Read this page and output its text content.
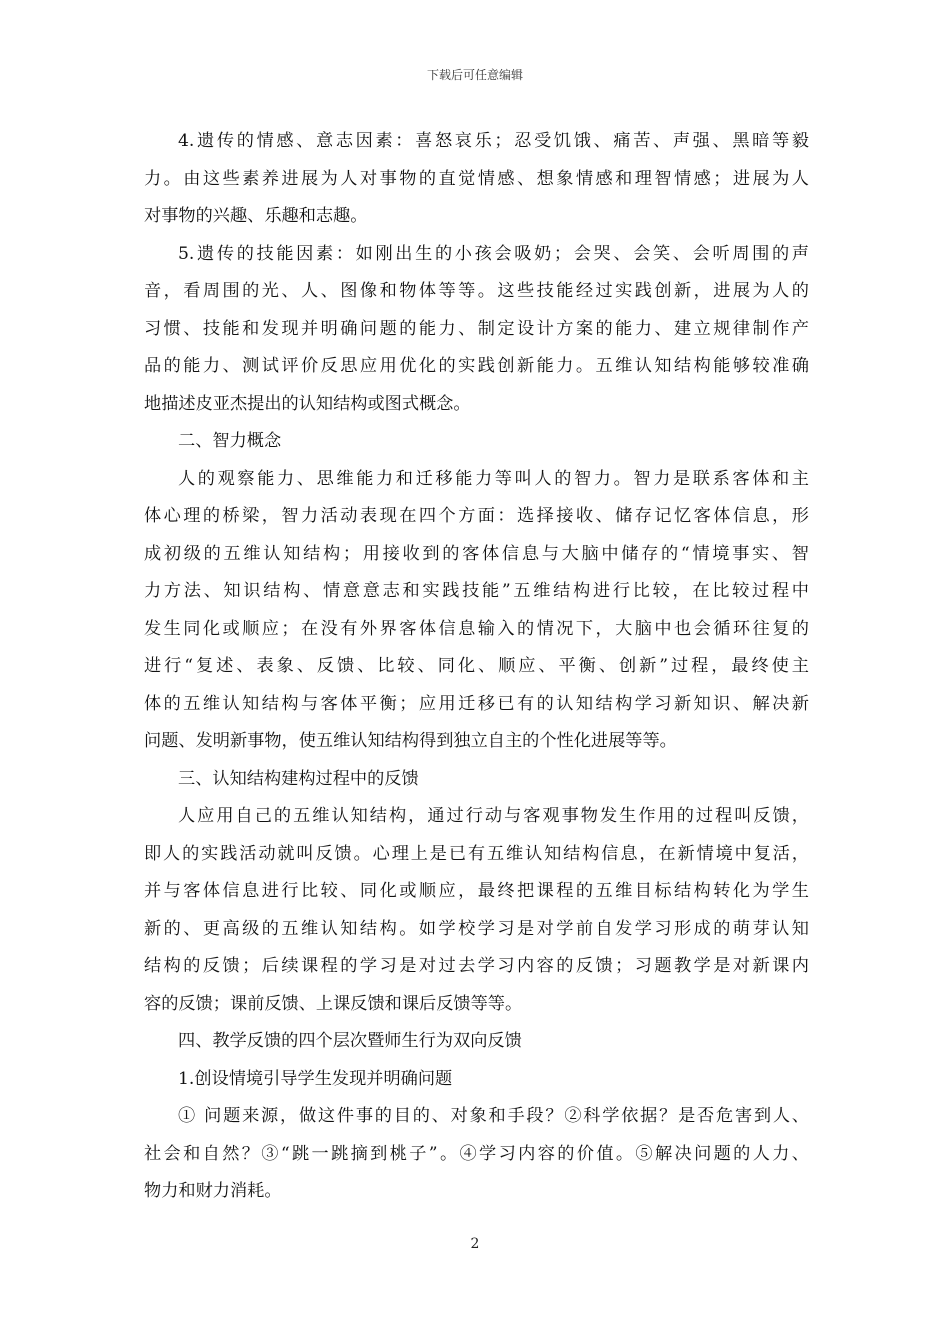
下载后可任意编辑
4.遗传的情感、意志因素：喜怒哀乐；忍受饥饿、痛苦、声强、黑暗等毅
力。由这些素养进展为人对事物的直觉情感、想象情感和理智情感；进展为人
对事物的兴趣、乐趣和志趣。
5.遗传的技能因素：如刚出生的小孩会吸奶；会哭、会笑、会听周围的声
音，看周围的光、人、图像和物体等等。这些技能经过实践创新，进展为人的
习惯、技能和发现并明确问题的能力、制定设计方案的能力、建立规律制作产
品的能力、测试评价反思应用优化的实践创新能力。五维认知结构能够较准确
地描述皮亚杰提出的认知结构或图式概念。
二、智力概念
人的观察能力、思维能力和迁移能力等叫人的智力。智力是联系客体和主
体心理的桥梁，智力活动表现在四个方面：选择接收、储存记忆客体信息，形
成初级的五维认知结构；用接收到的客体信息与大脑中储存的“情境事实、智
力方法、知识结构、情意意志和实践技能”五维结构进行比较，在比较过程中
发生同化或顺应；在没有外界客体信息输入的情况下，大脑中也会循环往复的
进行“复述、表象、反馈、比较、同化、顺应、平衡、创新”过程，最终使主
体的五维认知结构与客体平衡；应用迁移已有的认知结构学习新知识、解决新
问题、发明新事物，使五维认知结构得到独立自主的个性化进展等等。
三、认知结构建构过程中的反馈
人应用自己的五维认知结构，通过行动与客观事物发生作用的过程叫反馈，
即人的实践活动就叫反馈。心理上是已有五维认知结构信息，在新情境中复活，
并与客体信息进行比较、同化或顺应，最终把课程的五维目标结构转化为学生
新的、更高级的五维认知结构。如学校学习是对学前自发学习形成的萌芽认知
结构的反馈；后续课程的学习是对过去学习内容的反馈；习题教学是对新课内
容的反馈；课前反馈、上课反馈和课后反馈等等。
四、教学反馈的四个层次暨师生行为双向反馈
1.创设情境引导学生发现并明确问题
① 问题来源，做这件事的目的、对象和手段？②科学依据？是否危害到人、
社会和自然？③“跳一跳摘到桃子”。④学习内容的价值。⑤解决问题的人力、
物力和财力消耗。
2
